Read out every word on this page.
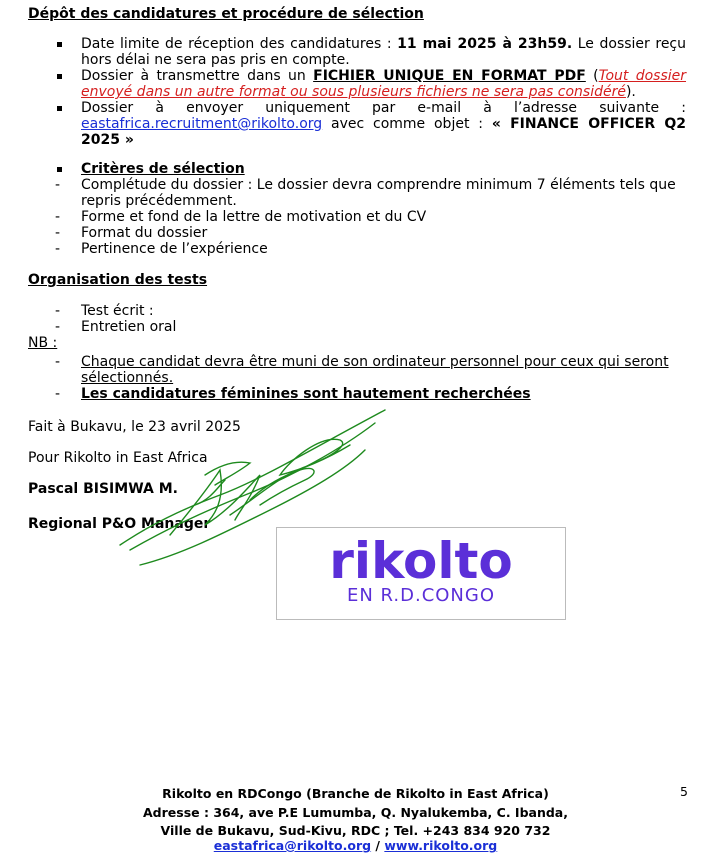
Dépôt des candidatures et procédure de sélection
Date limite de réception des candidatures : 11 mai 2025 à 23h59. Le dossier reçu
hors délai ne sera pas pris en compte.
Dossier à transmettre dans un FICHIER UNIQUE EN FORMAT PDF (Tout dossier
envoyé dans un autre format ou sous plusieurs fichiers ne sera pas considéré).
Dossier à envoyer uniquement par e-mail à l’adresse suivante :
eastafrica.recruitment@rikolto.org avec comme objet : « FINANCE OFFICER Q2
2025 »
Critères de sélection
- Complétude du dossier : Le dossier devra comprendre minimum 7 éléments tels que
repris précédemment.
- Forme et fond de la lettre de motivation et du CV
- Format du dossier
- Pertinence de l’expérience
Organisation des tests
- Test écrit :
- Entretien oral
NB :
- Chaque candidat devra être muni de son ordinateur personnel pour ceux qui seront
sélectionnés.
- Les candidatures féminines sont hautement recherchées
Fait à Bukavu, le 23 avril 2025
Pour Rikolto in East Africa
Pascal BISIMWA M.
Regional P&O Manager
rikolto
EN R.D.CONGO
Rikolto en RDCongo (Branche de Rikolto in East Africa)
Adresse : 364, ave P.E Lumumba, Q. Nyalukemba, C. Ibanda,
Ville de Bukavu, Sud-Kivu, RDC ; Tel. +243 834 920 732
eastafrica@rikolto.org / www.rikolto.org
5
